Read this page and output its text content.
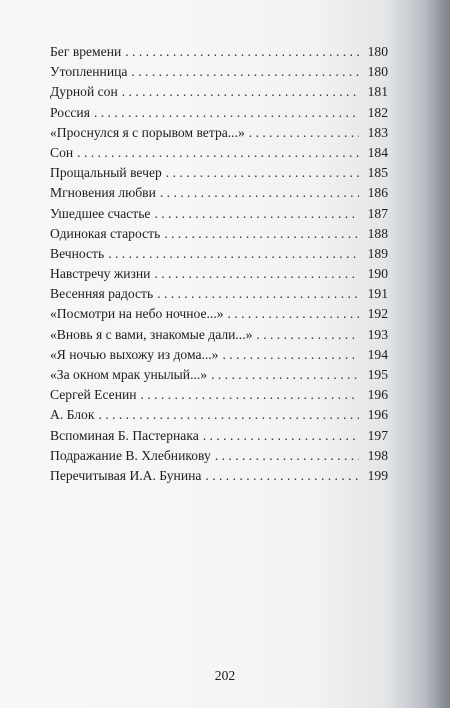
Бег времени . . .	180
Утопленница . . .	180
Дурной сон . . .	181
Россия . . .	182
«Проснулся я с порывом ветра...» . . .	183
Сон . . .	184
Прощальный вечер . . .	185
Мгновения любви . . .	186
Ушедшее счастье . . .	187
Одинокая старость . . .	188
Вечность . . .	189
Навстречу жизни . . .	190
Весенняя радость . . .	191
«Посмотри на небо ночное...» . . .	192
«Вновь я с вами, знакомые дали...» . . .	193
«Я ночью выхожу из дома...» . . .	194
«За окном мрак унылый...» . . .	195
Сергей Есенин . . .	196
А. Блок . . .	196
Вспоминая Б. Пастернака . . .	197
Подражание В. Хлебникову . . .	198
Перечитывая И.А. Бунина . . .	199
202
